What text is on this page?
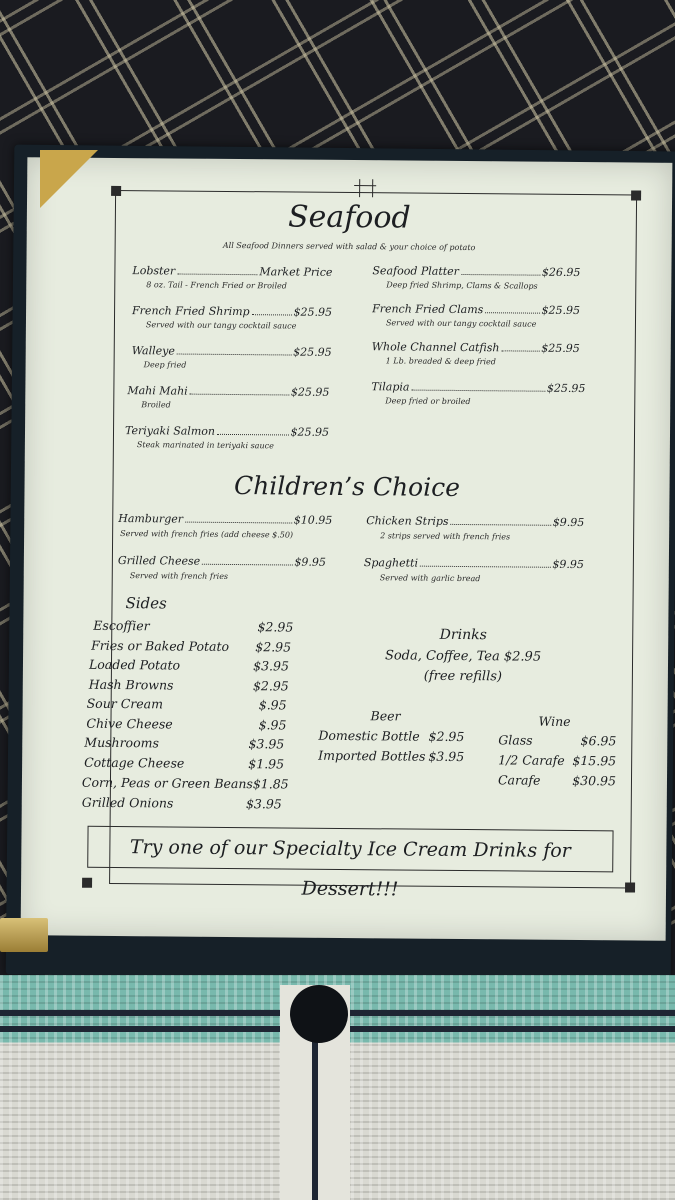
Seafood
All Seafood Dinners served with salad & your choice of potato
Lobster	Market Price
8 oz. Tail - French Fried or Broiled
French Fried Shrimp	$25.95
Served with our tangy cocktail sauce
Walleye	$25.95
Deep fried
Mahi Mahi	$25.95
Broiled
Teriyaki Salmon	$25.95
Steak marinated in teriyaki sauce
Seafood Platter	$26.95
Deep fried Shrimp, Clams & Scallops
French Fried Clams	$25.95
Served with our tangy cocktail sauce
Whole Channel Catfish	$25.95
1 Lb. breaded & deep fried
Tilapia	$25.95
Deep fried or broiled
Children’s Choice
Hamburger	$10.95
Served with french fries (add cheese $.50)
Grilled Cheese	$9.95
Served with french fries
Chicken Strips	$9.95
2 strips served with french fries
Spaghetti	$9.95
Served with garlic bread
Sides
Escoffier	$2.95
Fries or Baked Potato	$2.95
Loaded Potato	$3.95
Hash Browns	$2.95
Sour Cream	$.95
Chive Cheese	$.95
Mushrooms	$3.95
Cottage Cheese	$1.95
Corn, Peas or Green Beans $1.85
Grilled Onions	$3.95
Drinks
Soda, Coffee, Tea $2.95
(free refills)
Beer
Domestic Bottle $2.95
Imported Bottles $3.95
Wine
Glass	$6.95
1/2 Carafe $15.95
Carafe	$30.95
Try one of our Specialty Ice Cream Drinks for Dessert!!!
